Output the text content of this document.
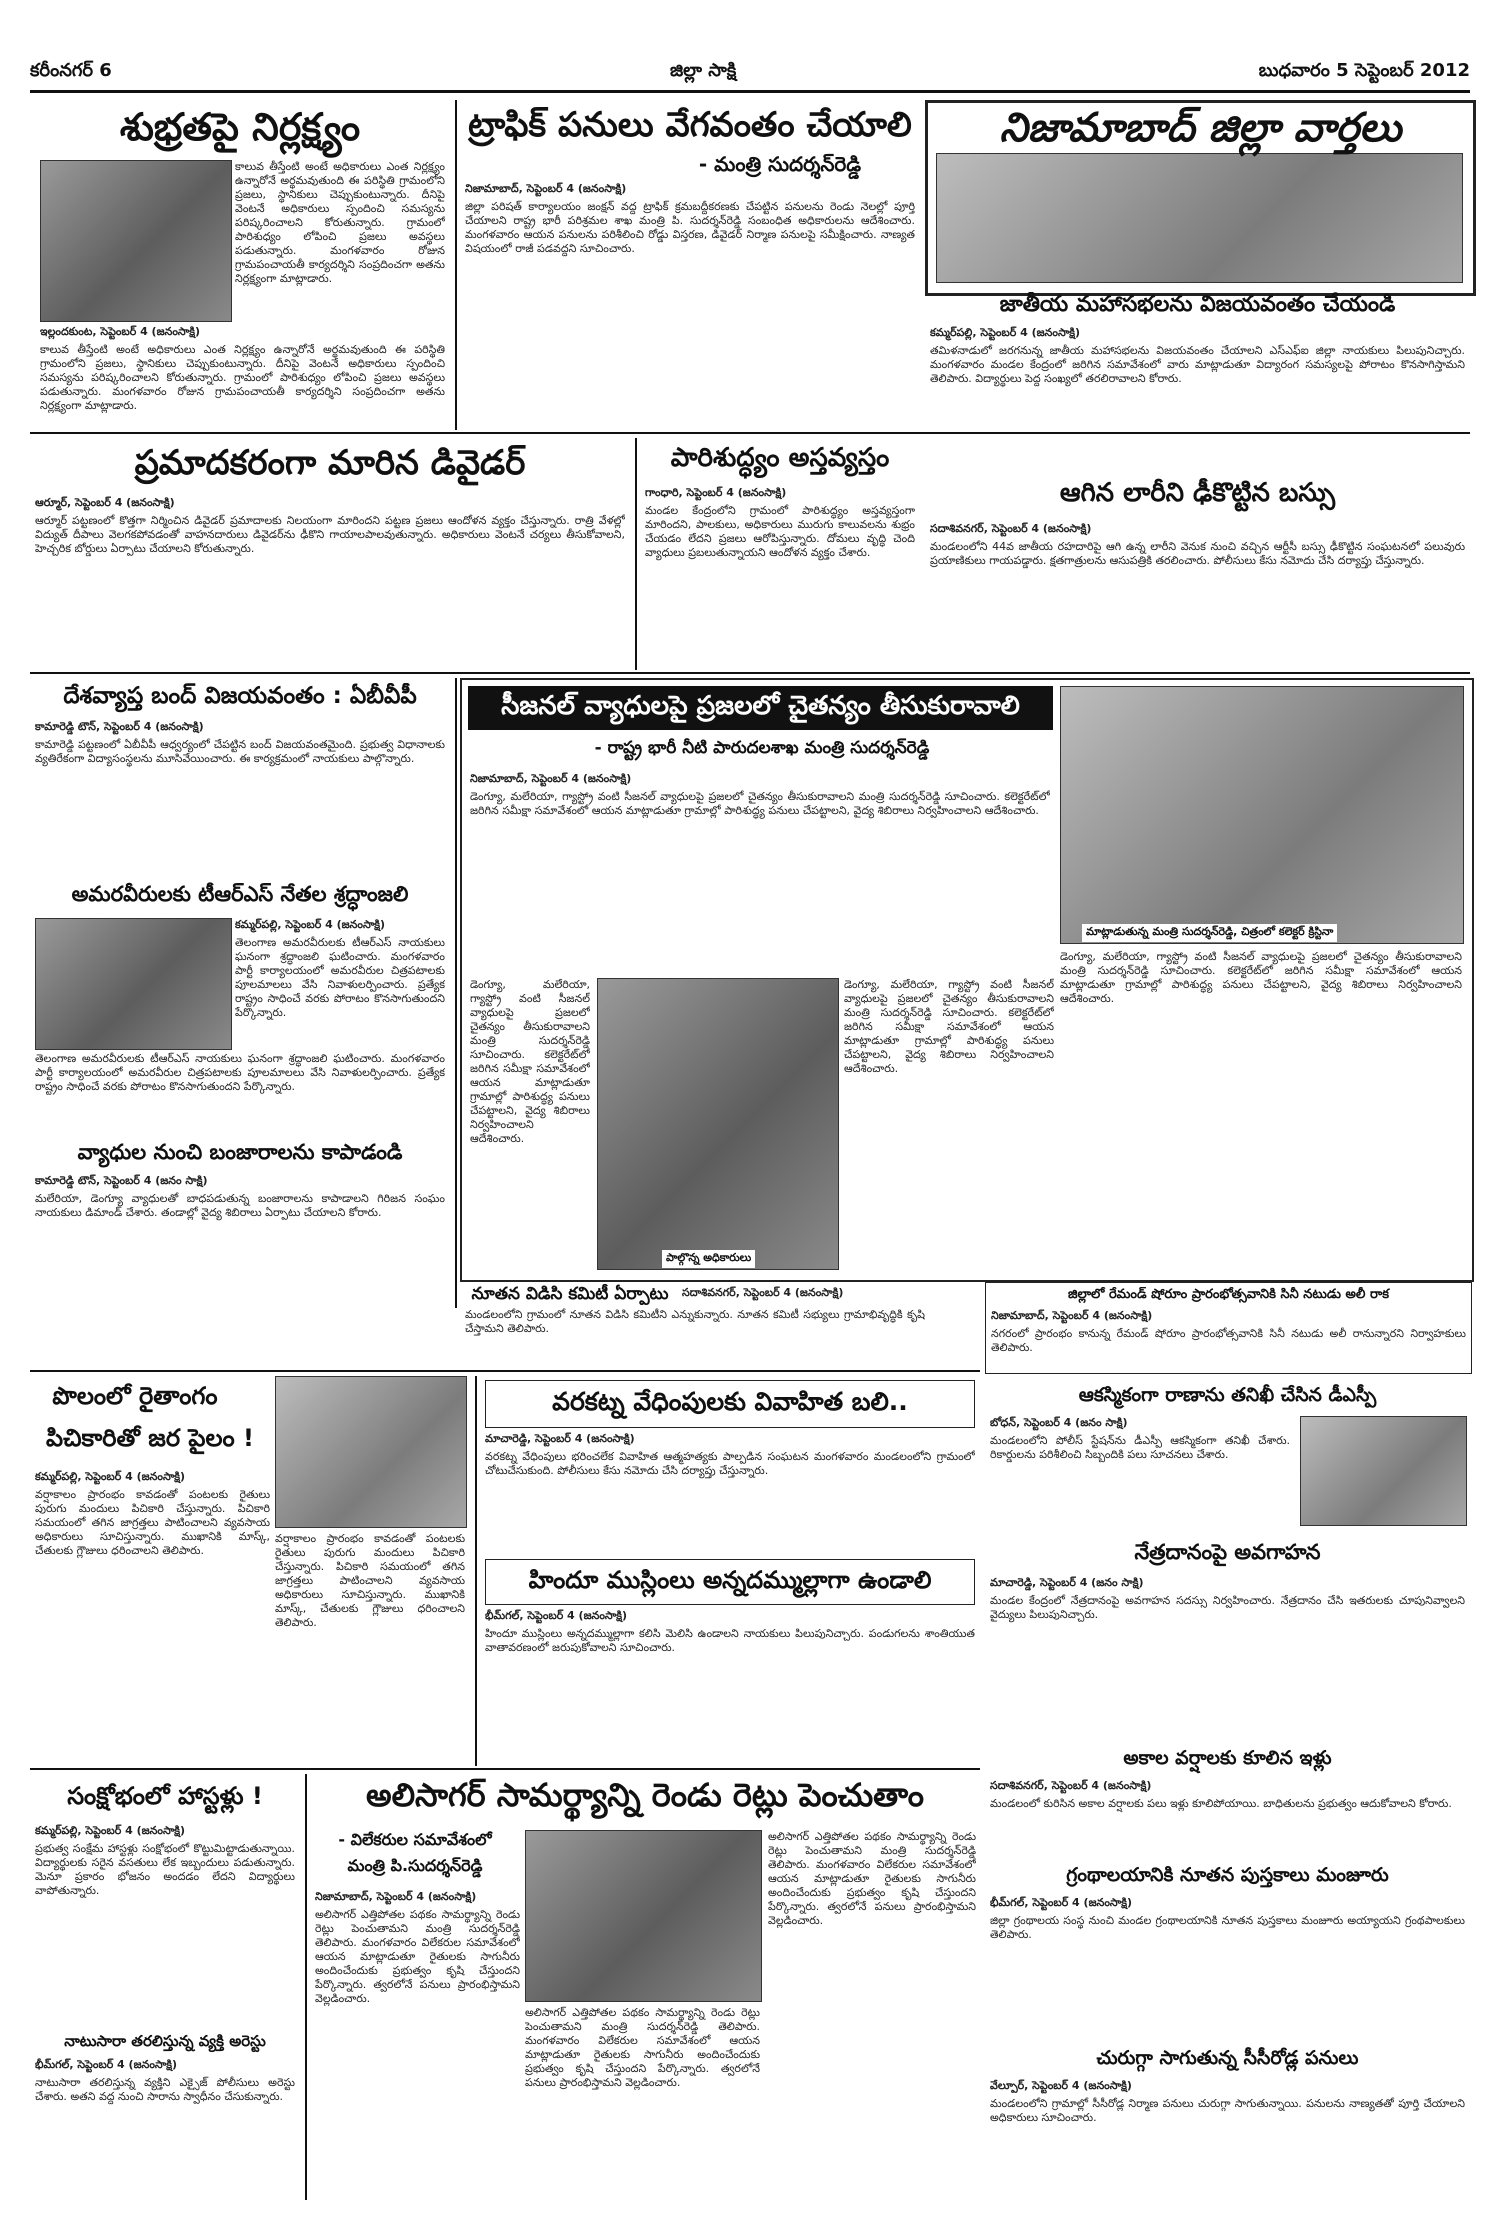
కరీంనగర్ 6	జిల్లా సాక్షి	బుధవారం 5 సెప్టెంబర్ 2012
శుభ్రతపై నిర్లక్ష్యం
కాలువ తీస్తేంటి అంటే అధికారులు ఎంత నిర్లక్ష్యం ఉన్నారోనే అర్థమవుతుంది ఈ పరిస్థితి గ్రామంలోని ప్రజలు, స్థానికులు చెప్పుకుంటున్నారు. దీనిపై వెంటనే అధికారులు స్పందించి సమస్యను పరిష్కరించాలని కోరుతున్నారు. గ్రామంలో పారిశుధ్యం లోపించి ప్రజలు అవస్థలు పడుతున్నారు. మంగళవారం రోజున గ్రామపంచాయతీ కార్యదర్శిని సంప్రదించగా అతను నిర్లక్ష్యంగా మాట్లాడారు.
ఇల్లందకుంట, సెప్టెంబర్ 4 (జనంసాక్షి)
కాలువ తీస్తేంటి అంటే అధికారులు ఎంత నిర్లక్ష్యం ఉన్నారోనే అర్థమవుతుంది ఈ పరిస్థితి గ్రామంలోని ప్రజలు, స్థానికులు చెప్పుకుంటున్నారు. దీనిపై వెంటనే అధికారులు స్పందించి సమస్యను పరిష్కరించాలని కోరుతున్నారు. గ్రామంలో పారిశుధ్యం లోపించి ప్రజలు అవస్థలు పడుతున్నారు. మంగళవారం రోజున గ్రామపంచాయతీ కార్యదర్శిని సంప్రదించగా అతను నిర్లక్ష్యంగా మాట్లాడారు.
ట్రాఫిక్ పనులు వేగవంతం చేయాలి
- మంత్రి సుదర్శన్‌రెడ్డి
నిజామాబాద్, సెప్టెంబర్ 4 (జనంసాక్షి)
జిల్లా పరిషత్ కార్యాలయం జంక్షన్ వద్ద ట్రాఫిక్ క్రమబద్దీకరణకు చేపట్టిన పనులను రెండు నెలల్లో పూర్తి చేయాలని రాష్ట్ర భారీ పరిశ్రమల శాఖ మంత్రి పి. సుదర్శన్‌రెడ్డి సంబంధిత అధికారులను ఆదేశించారు. మంగళవారం ఆయన పనులను పరిశీలించి రోడ్డు విస్తరణ, డివైడర్ నిర్మాణ పనులపై సమీక్షించారు. నాణ్యత విషయంలో రాజీ పడవద్దని సూచించారు.
నిజామాబాద్ జిల్లా వార్తలు
జాతీయ మహాసభలను విజయవంతం చేయండి
కమ్మర్‌పల్లి, సెప్టెంబర్ 4 (జనంసాక్షి)
తమిళనాడులో జరగనున్న జాతీయ మహాసభలను విజయవంతం చేయాలని ఎస్ఎఫ్ఐ జిల్లా నాయకులు పిలుపునిచ్చారు. మంగళవారం మండల కేంద్రంలో జరిగిన సమావేశంలో వారు మాట్లాడుతూ విద్యారంగ సమస్యలపై పోరాటం కొనసాగిస్తామని తెలిపారు. విద్యార్థులు పెద్ద సంఖ్యలో తరలిరావాలని కోరారు.
ప్రమాదకరంగా మారిన డివైడర్
ఆర్మూర్, సెప్టెంబర్ 4 (జనంసాక్షి)
ఆర్మూర్ పట్టణంలో కొత్తగా నిర్మించిన డివైడర్ ప్రమాదాలకు నిలయంగా మారిందని పట్టణ ప్రజలు ఆందోళన వ్యక్తం చేస్తున్నారు. రాత్రి వేళల్లో విద్యుత్ దీపాలు వెలగకపోవడంతో వాహనదారులు డివైడర్‌ను ఢీకొని గాయాలపాలవుతున్నారు. అధికారులు వెంటనే చర్యలు తీసుకోవాలని, హెచ్చరిక బోర్డులు ఏర్పాటు చేయాలని కోరుతున్నారు.
పారిశుద్ధ్యం అస్తవ్యస్తం
గాంధారి, సెప్టెంబర్ 4 (జనంసాక్షి)
మండల కేంద్రంలోని గ్రామంలో పారిశుద్ధ్యం అస్తవ్యస్తంగా మారిందని, పాలకులు, అధికారులు మురుగు కాలువలను శుభ్రం చేయడం లేదని ప్రజలు ఆరోపిస్తున్నారు. దోమలు వృద్ధి చెంది వ్యాధులు ప్రబలుతున్నాయని ఆందోళన వ్యక్తం చేశారు.
ఆగిన లారీని ఢీకొట్టిన బస్సు
సదాశివనగర్, సెప్టెంబర్ 4 (జనంసాక్షి)
మండలంలోని 44వ జాతీయ రహదారిపై ఆగి ఉన్న లారీని వెనుక నుంచి వచ్చిన ఆర్టీసీ బస్సు ఢీకొట్టిన సంఘటనలో పలువురు ప్రయాణికులు గాయపడ్డారు. క్షతగాత్రులను ఆసుపత్రికి తరలించారు. పోలీసులు కేసు నమోదు చేసి దర్యాప్తు చేస్తున్నారు.
దేశవ్యాప్త బంద్ విజయవంతం : ఏబీవీపీ
కామారెడ్డి టౌన్, సెప్టెంబర్ 4 (జనంసాక్షి)
కామారెడ్డి పట్టణంలో ఏబీవీపీ ఆధ్వర్యంలో చేపట్టిన బంద్ విజయవంతమైంది. ప్రభుత్వ విధానాలకు వ్యతిరేకంగా విద్యాసంస్థలను మూసివేయించారు. ఈ కార్యక్రమంలో నాయకులు పాల్గొన్నారు.
అమరవీరులకు టీఆర్ఎస్ నేతల శ్రద్ధాంజలి
కమ్మర్‌పల్లి, సెప్టెంబర్ 4 (జనంసాక్షి)
తెలంగాణ అమరవీరులకు టీఆర్ఎస్ నాయకులు ఘనంగా శ్రద్ధాంజలి ఘటించారు. మంగళవారం పార్టీ కార్యాలయంలో అమరవీరుల చిత్రపటాలకు పూలమాలలు వేసి నివాళులర్పించారు. ప్రత్యేక రాష్ట్రం సాధించే వరకు పోరాటం కొనసాగుతుందని పేర్కొన్నారు.
తెలంగాణ అమరవీరులకు టీఆర్ఎస్ నాయకులు ఘనంగా శ్రద్ధాంజలి ఘటించారు. మంగళవారం పార్టీ కార్యాలయంలో అమరవీరుల చిత్రపటాలకు పూలమాలలు వేసి నివాళులర్పించారు. ప్రత్యేక రాష్ట్రం సాధించే వరకు పోరాటం కొనసాగుతుందని పేర్కొన్నారు.
వ్యాధుల నుంచి బంజారాలను కాపాడండి
కామారెడ్డి టౌన్, సెప్టెంబర్ 4 (జనం సాక్షి)
మలేరియా, డెంగ్యూ వ్యాధులతో బాధపడుతున్న బంజారాలను కాపాడాలని గిరిజన సంఘం నాయకులు డిమాండ్ చేశారు. తండాల్లో వైద్య శిబిరాలు ఏర్పాటు చేయాలని కోరారు.
సీజనల్ వ్యాధులపై ప్రజలలో చైతన్యం తీసుకురావాలి
- రాష్ట్ర భారీ నీటి పారుదలశాఖ మంత్రి సుదర్శన్‌రెడ్డి
నిజామాబాద్, సెప్టెంబర్ 4 (జనంసాక్షి)
డెంగ్యూ, మలేరియా, గ్యాస్ట్రో వంటి సీజనల్ వ్యాధులపై ప్రజలలో చైతన్యం తీసుకురావాలని మంత్రి సుదర్శన్‌రెడ్డి సూచించారు. కలెక్టరేట్‌లో జరిగిన సమీక్షా సమావేశంలో ఆయన మాట్లాడుతూ గ్రామాల్లో పారిశుద్ధ్య పనులు చేపట్టాలని, వైద్య శిబిరాలు నిర్వహించాలని ఆదేశించారు.
మాట్లాడుతున్న మంత్రి సుదర్శన్‌రెడ్డి, చిత్రంలో కలెక్టర్ క్రిస్టినా
డెంగ్యూ, మలేరియా, గ్యాస్ట్రో వంటి సీజనల్ వ్యాధులపై ప్రజలలో చైతన్యం తీసుకురావాలని మంత్రి సుదర్శన్‌రెడ్డి సూచించారు. కలెక్టరేట్‌లో జరిగిన సమీక్షా సమావేశంలో ఆయన మాట్లాడుతూ గ్రామాల్లో పారిశుద్ధ్య పనులు చేపట్టాలని, వైద్య శిబిరాలు నిర్వహించాలని ఆదేశించారు.
పాల్గొన్న అధికారులు
డెంగ్యూ, మలేరియా, గ్యాస్ట్రో వంటి సీజనల్ వ్యాధులపై ప్రజలలో చైతన్యం తీసుకురావాలని మంత్రి సుదర్శన్‌రెడ్డి సూచించారు. కలెక్టరేట్‌లో జరిగిన సమీక్షా సమావేశంలో ఆయన మాట్లాడుతూ గ్రామాల్లో పారిశుద్ధ్య పనులు చేపట్టాలని, వైద్య శిబిరాలు నిర్వహించాలని ఆదేశించారు.
డెంగ్యూ, మలేరియా, గ్యాస్ట్రో వంటి సీజనల్ వ్యాధులపై ప్రజలలో చైతన్యం తీసుకురావాలని మంత్రి సుదర్శన్‌రెడ్డి సూచించారు. కలెక్టరేట్‌లో జరిగిన సమీక్షా సమావేశంలో ఆయన మాట్లాడుతూ గ్రామాల్లో పారిశుద్ధ్య పనులు చేపట్టాలని, వైద్య శిబిరాలు నిర్వహించాలని ఆదేశించారు.
నూతన విడిసి కమిటీ ఏర్పాటు	సదాశివనగర్, సెప్టెంబర్ 4 (జనంసాక్షి)
మండలంలోని గ్రామంలో నూతన విడిసి కమిటీని ఎన్నుకున్నారు. నూతన కమిటీ సభ్యులు గ్రామాభివృద్ధికి కృషి చేస్తామని తెలిపారు.
జిల్లాలో రేమండ్ షోరూం ప్రారంభోత్సవానికి సినీ నటుడు అలీ రాక
నిజామాబాద్, సెప్టెంబర్ 4 (జనంసాక్షి)
నగరంలో ప్రారంభం కానున్న రేమండ్ షోరూం ప్రారంభోత్సవానికి సినీ నటుడు అలీ రానున్నారని నిర్వాహకులు తెలిపారు.
పొలంలో రైతాంగం
పిచికారితో జర పైలం !
కమ్మర్‌పల్లి, సెప్టెంబర్ 4 (జనంసాక్షి)
వర్షాకాలం ప్రారంభం కావడంతో పంటలకు రైతులు పురుగు మందులు పిచికారి చేస్తున్నారు. పిచికారి సమయంలో తగిన జాగ్రత్తలు పాటించాలని వ్యవసాయ అధికారులు సూచిస్తున్నారు. ముఖానికి మాస్క్, చేతులకు గ్లౌజులు ధరించాలని తెలిపారు.
వర్షాకాలం ప్రారంభం కావడంతో పంటలకు రైతులు పురుగు మందులు పిచికారి చేస్తున్నారు. పిచికారి సమయంలో తగిన జాగ్రత్తలు పాటించాలని వ్యవసాయ అధికారులు సూచిస్తున్నారు. ముఖానికి మాస్క్, చేతులకు గ్లౌజులు ధరించాలని తెలిపారు.
వరకట్న వేధింపులకు వివాహిత బలి..
మాచారెడ్డి, సెప్టెంబర్ 4 (జనంసాక్షి)
వరకట్న వేధింపులు భరించలేక వివాహిత ఆత్మహత్యకు పాల్పడిన సంఘటన మంగళవారం మండలంలోని గ్రామంలో చోటుచేసుకుంది. పోలీసులు కేసు నమోదు చేసి దర్యాప్తు చేస్తున్నారు.
హిందూ ముస్లింలు అన్నదమ్ముల్లాగా ఉండాలి
భీమ్‌గల్, సెప్టెంబర్ 4 (జనంసాక్షి)
హిందూ ముస్లింలు అన్నదమ్ముల్లాగా కలిసి మెలిసి ఉండాలని నాయకులు పిలుపునిచ్చారు. పండుగలను శాంతియుత వాతావరణంలో జరుపుకోవాలని సూచించారు.
ఆకస్మికంగా రాణాను తనిఖీ చేసిన డీఎస్పీ
బోధన్, సెప్టెంబర్ 4 (జనం సాక్షి)
మండలంలోని పోలీస్ స్టేషన్‌ను డీఎస్పీ ఆకస్మికంగా తనిఖీ చేశారు. రికార్డులను పరిశీలించి సిబ్బందికి పలు సూచనలు చేశారు.
నేత్రదానంపై అవగాహన
మాచారెడ్డి, సెప్టెంబర్ 4 (జనం సాక్షి)
మండల కేంద్రంలో నేత్రదానంపై అవగాహన సదస్సు నిర్వహించారు. నేత్రదానం చేసి ఇతరులకు చూపునివ్వాలని వైద్యులు పిలుపునిచ్చారు.
సంక్షోభంలో హాస్టళ్లు !
కమ్మర్‌పల్లి, సెప్టెంబర్ 4 (జనంసాక్షి)
ప్రభుత్వ సంక్షేమ హాస్టళ్లు సంక్షోభంలో కొట్టుమిట్టాడుతున్నాయి. విద్యార్థులకు సరైన వసతులు లేక ఇబ్బందులు పడుతున్నారు. మెనూ ప్రకారం భోజనం అందడం లేదని విద్యార్థులు వాపోతున్నారు.
నాటుసారా తరలిస్తున్న వ్యక్తి అరెస్టు
భీమ్‌గల్, సెప్టెంబర్ 4 (జనంసాక్షి)
నాటుసారా తరలిస్తున్న వ్యక్తిని ఎక్సైజ్ పోలీసులు అరెస్టు చేశారు. అతని వద్ద నుంచి సారాను స్వాధీనం చేసుకున్నారు.
అలిసాగర్ సామర్థ్యాన్ని రెండు రెట్లు పెంచుతాం
- విలేకరుల సమావేశంలో
మంత్రి పి.సుదర్శన్‌రెడ్డి
నిజామాబాద్, సెప్టెంబర్ 4 (జనంసాక్షి)
అలిసాగర్ ఎత్తిపోతల పథకం సామర్థ్యాన్ని రెండు రెట్లు పెంచుతామని మంత్రి సుదర్శన్‌రెడ్డి తెలిపారు. మంగళవారం విలేకరుల సమావేశంలో ఆయన మాట్లాడుతూ రైతులకు సాగునీరు అందించేందుకు ప్రభుత్వం కృషి చేస్తుందని పేర్కొన్నారు. త్వరలోనే పనులు ప్రారంభిస్తామని వెల్లడించారు.
అలిసాగర్ ఎత్తిపోతల పథకం సామర్థ్యాన్ని రెండు రెట్లు పెంచుతామని మంత్రి సుదర్శన్‌రెడ్డి తెలిపారు. మంగళవారం విలేకరుల సమావేశంలో ఆయన మాట్లాడుతూ రైతులకు సాగునీరు అందించేందుకు ప్రభుత్వం కృషి చేస్తుందని పేర్కొన్నారు. త్వరలోనే పనులు ప్రారంభిస్తామని వెల్లడించారు.
అలిసాగర్ ఎత్తిపోతల పథకం సామర్థ్యాన్ని రెండు రెట్లు పెంచుతామని మంత్రి సుదర్శన్‌రెడ్డి తెలిపారు. మంగళవారం విలేకరుల సమావేశంలో ఆయన మాట్లాడుతూ రైతులకు సాగునీరు అందించేందుకు ప్రభుత్వం కృషి చేస్తుందని పేర్కొన్నారు. త్వరలోనే పనులు ప్రారంభిస్తామని వెల్లడించారు.
అకాల వర్షాలకు కూలిన ఇళ్లు
సదాశివనగర్, సెప్టెంబర్ 4 (జనంసాక్షి)
మండలంలో కురిసిన అకాల వర్షాలకు పలు ఇళ్లు కూలిపోయాయి. బాధితులను ప్రభుత్వం ఆదుకోవాలని కోరారు.
గ్రంథాలయానికి నూతన పుస్తకాలు మంజూరు
భీమ్‌గల్, సెప్టెంబర్ 4 (జనంసాక్షి)
జిల్లా గ్రంథాలయ సంస్థ నుంచి మండల గ్రంథాలయానికి నూతన పుస్తకాలు మంజూరు అయ్యాయని గ్రంథపాలకులు తెలిపారు.
చురుగ్గా సాగుతున్న సీసీరోడ్ల పనులు
వేల్పూర్, సెప్టెంబర్ 4 (జనంసాక్షి)
మండలంలోని గ్రామాల్లో సీసీరోడ్ల నిర్మాణ పనులు చురుగ్గా సాగుతున్నాయి. పనులను నాణ్యతతో పూర్తి చేయాలని అధికారులు సూచించారు.
